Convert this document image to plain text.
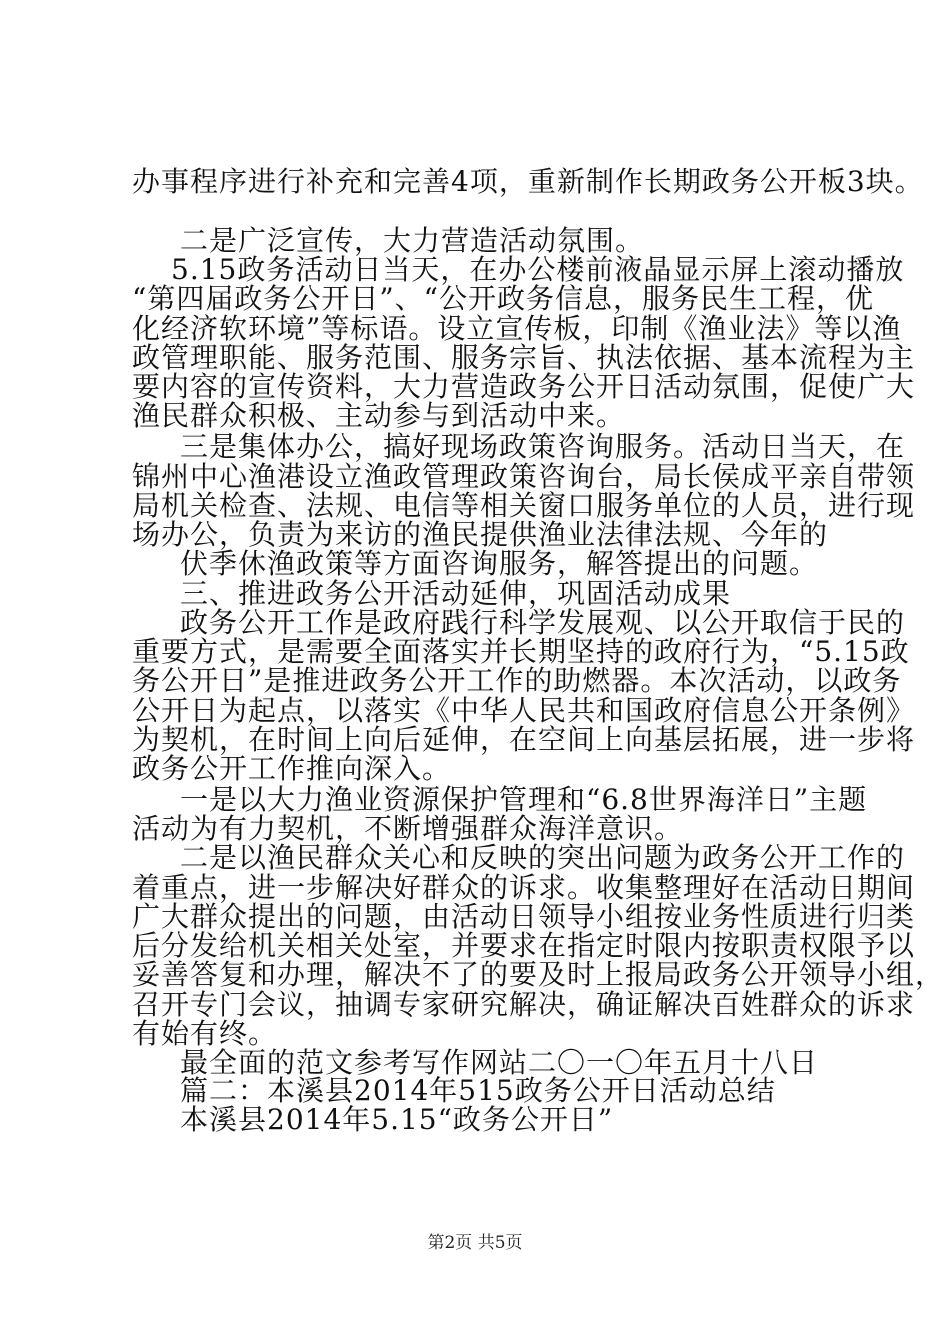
办事程序进行补充和完善4项，重新制作长期政务公开板3块。
二是广泛宣传，大力营造活动氛围。
5.15政务活动日当天，在办公楼前液晶显示屏上滚动播放
“第四届政务公开日”、“公开政务信息，服务民生工程，优
化经济软环境”等标语。设立宣传板，印制《渔业法》等以渔
政管理职能、服务范围、服务宗旨、执法依据、基本流程为主
要内容的宣传资料，大力营造政务公开日活动氛围，促使广大
渔民群众积极、主动参与到活动中来。
三是集体办公，搞好现场政策咨询服务。活动日当天，在
锦州中心渔港设立渔政管理政策咨询台，局长侯成平亲自带领
局机关检查、法规、电信等相关窗口服务单位的人员，进行现
场办公，负责为来访的渔民提供渔业法律法规、今年的
伏季休渔政策等方面咨询服务，解答提出的问题。
三、推进政务公开活动延伸，巩固活动成果
政务公开工作是政府践行科学发展观、以公开取信于民的
重要方式，是需要全面落实并长期坚持的政府行为，“5.15政
务公开日”是推进政务公开工作的助燃器。本次活动，以政务
公开日为起点，以落实《中华人民共和国政府信息公开条例》
为契机，在时间上向后延伸，在空间上向基层拓展，进一步将
政务公开工作推向深入。
一是以大力渔业资源保护管理和“6.8世界海洋日”主题
活动为有力契机，不断增强群众海洋意识。
二是以渔民群众关心和反映的突出问题为政务公开工作的
着重点，进一步解决好群众的诉求。收集整理好在活动日期间
广大群众提出的问题，由活动日领导小组按业务性质进行归类
后分发给机关相关处室，并要求在指定时限内按职责权限予以
妥善答复和办理，解决不了的要及时上报局政务公开领导小组，
召开专门会议，抽调专家研究解决，确证解决百姓群众的诉求
有始有终。
最全面的范文参考写作网站二〇一〇年五月十八日
篇二：本溪县2014年515政务公开日活动总结
本溪县2014年5.15“政务公开日”
第2页 共5页
